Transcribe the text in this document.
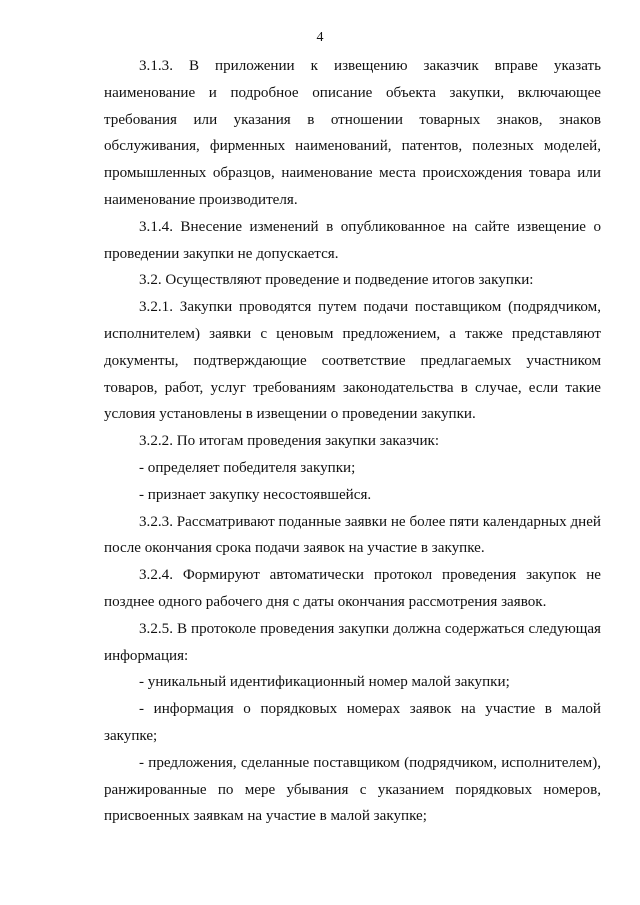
4

3.1.3. В приложении к извещению заказчик вправе указать наименование и подробное описание объекта закупки, включающее требования или указания в отношении товарных знаков, знаков обслуживания, фирменных наименований, патентов, полезных моделей, промышленных образцов, наименование места происхождения товара или наименование производителя.

3.1.4. Внесение изменений в опубликованное на сайте извещение о проведении закупки не допускается.

3.2. Осуществляют проведение и подведение итогов закупки:

3.2.1. Закупки проводятся путем подачи поставщиком (подрядчиком, исполнителем) заявки с ценовым предложением, а также представляют документы, подтверждающие соответствие предлагаемых участником товаров, работ, услуг требованиям законодательства в случае, если такие условия установлены в извещении о проведении закупки.

3.2.2. По итогам проведения закупки заказчик:

- определяет победителя закупки;

- признает закупку несостоявшейся.

3.2.3. Рассматривают поданные заявки не более пяти календарных дней после окончания срока подачи заявок на участие в закупке.

3.2.4. Формируют автоматически протокол проведения закупок не позднее одного рабочего дня с даты окончания рассмотрения заявок.

3.2.5. В протоколе проведения закупки должна содержаться следующая информация:

- уникальный идентификационный номер малой закупки;

- информация о порядковых номерах заявок на участие в малой закупке;

- предложения, сделанные поставщиком (подрядчиком, исполнителем), ранжированные по мере убывания с указанием порядковых номеров, присвоенных заявкам на участие в малой закупке;
